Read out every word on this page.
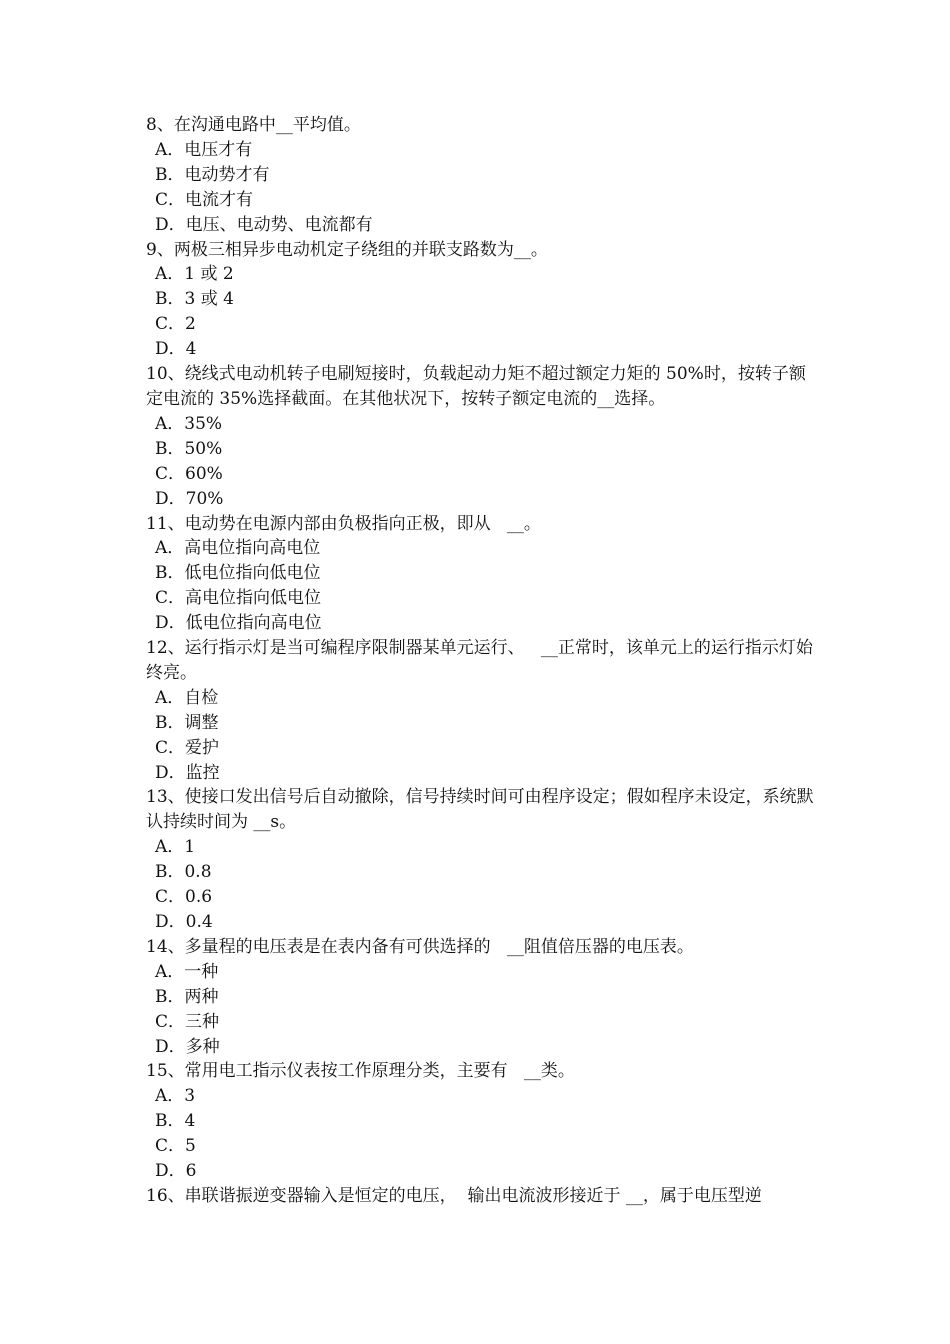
8、在沟通电路中__平均值。
A．电压才有
B．电动势才有
C．电流才有
D．电压、电动势、电流都有
9、两极三相异步电动机定子绕组的并联支路数为__。
A．1 或 2
B．3 或 4
C．2
D．4
10、绕线式电动机转子电刷短接时，负载起动力矩不超过额定力矩的 50%时，按转子额定电流的 35%选择截面。在其他状况下，按转子额定电流的__选择。
A．35%
B．50%
C．60%
D．70%
11、电动势在电源内部由负极指向正极，即从   __。
A．高电位指向高电位
B．低电位指向低电位
C．高电位指向低电位
D．低电位指向高电位
12、运行指示灯是当可编程序限制器某单元运行、   __正常时，该单元上的运行指示灯始终亮。
A．自检
B．调整
C．爱护
D．监控
13、使接口发出信号后自动撤除，信号持续时间可由程序设定；假如程序未设定，系统默认持续时间为 __s。
A．1
B．0.8
C．0.6
D．0.4
14、多量程的电压表是在表内备有可供选择的   __阻值倍压器的电压表。
A．一种
B．两种
C．三种
D．多种
15、常用电工指示仪表按工作原理分类，主要有   __类。
A．3
B．4
C．5
D．6
16、串联谐振逆变器输入是恒定的电压，  输出电流波形接近于 __，属于电压型逆
